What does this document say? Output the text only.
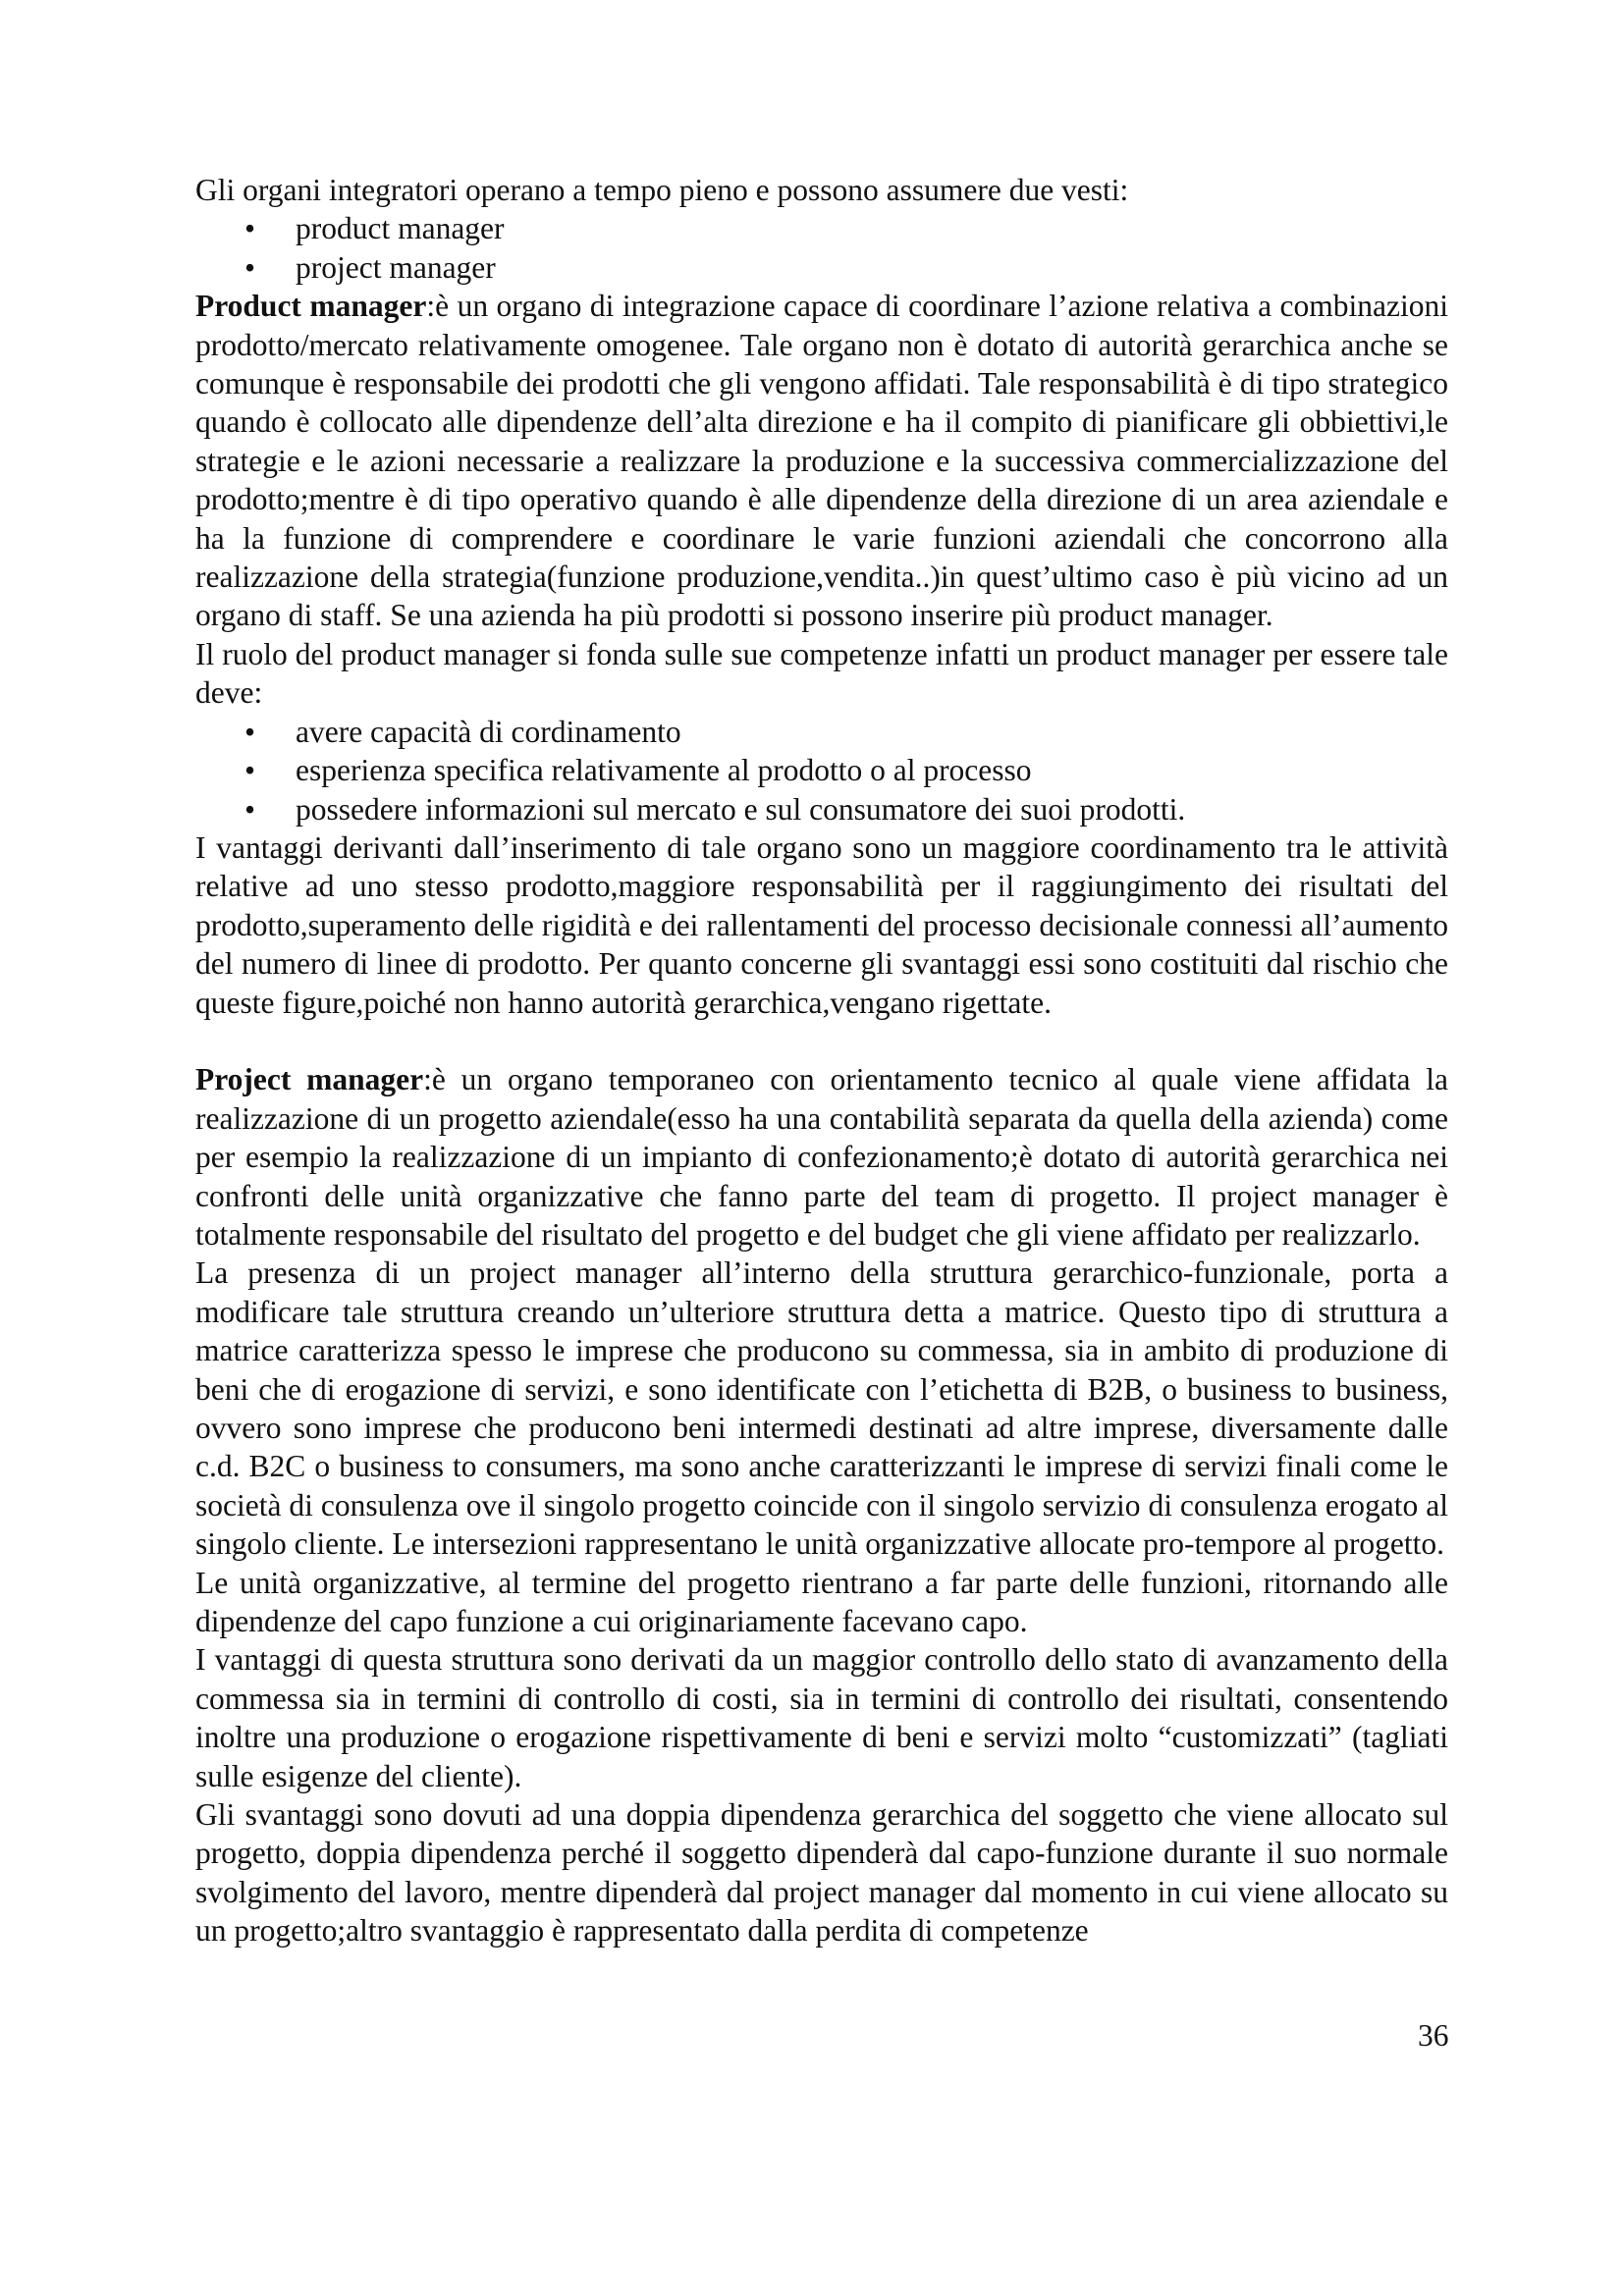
Gli organi integratori operano a tempo pieno e possono assumere due vesti:

• product manager
• project manager

Product manager:è un organo di integrazione capace di coordinare l’azione relativa a combinazioni prodotto/mercato relativamente omogenee. Tale organo non è dotato di autorità gerarchica anche se comunque è responsabile dei prodotti che gli vengono affidati. Tale responsabilità è di tipo strategico quando è collocato alle dipendenze dell’alta direzione e ha il compito di pianificare gli obbiettivi,le strategie e le azioni necessarie a realizzare la produzione e la successiva commercializzazione del prodotto;mentre è di tipo operativo quando è alle dipendenze della direzione di un area aziendale e ha la funzione di comprendere e coordinare le varie funzioni aziendali che concorrono alla realizzazione della strategia(funzione produzione,vendita..)in quest’ultimo caso è più vicino ad un organo di staff. Se una azienda ha più prodotti si possono inserire più product manager.

Il ruolo del product manager si fonda sulle sue competenze infatti un product manager per essere tale deve:

• avere capacità di cordinamento
• esperienza specifica relativamente al prodotto o al processo
• possedere informazioni sul mercato e sul consumatore dei suoi prodotti.

I vantaggi derivanti dall’inserimento di tale organo sono un maggiore coordinamento tra le attività relative ad uno stesso prodotto,maggiore responsabilità per il raggiungimento dei risultati del prodotto,superamento delle rigidità e dei rallentamenti del processo decisionale connessi all’aumento del numero di linee di prodotto. Per quanto concerne gli svantaggi essi sono costituiti dal rischio che queste figure,poiché non hanno autorità gerarchica,vengano rigettate.

Project manager:è un organo temporaneo con orientamento tecnico al quale viene affidata la realizzazione di un progetto aziendale(esso ha una contabilità separata da quella della azienda) come per esempio la realizzazione di un impianto di confezionamento;è dotato di autorità gerarchica nei confronti delle unità organizzative che fanno parte del team di progetto. Il project manager è totalmente responsabile del risultato del progetto e del budget che gli viene affidato per realizzarlo.

La presenza di un project manager all’interno della struttura gerarchico-funzionale, porta a modificare tale struttura creando un’ulteriore struttura detta a matrice. Questo tipo di struttura a matrice caratterizza spesso le imprese che producono su commessa, sia in ambito di produzione di beni che di erogazione di servizi, e sono identificate con l’etichetta di B2B, o business to business, ovvero sono imprese che producono beni intermedi destinati ad altre imprese, diversamente dalle c.d. B2C o business to consumers, ma sono anche caratterizzanti le imprese di servizi finali come le società di consulenza ove il singolo progetto coincide con il singolo servizio di consulenza erogato al singolo cliente. Le intersezioni rappresentano le unità organizzative allocate pro-tempore al progetto.

Le unità organizzative, al termine del progetto rientrano a far parte delle funzioni, ritornando alle dipendenze del capo funzione a cui originariamente facevano capo.

I vantaggi di questa struttura sono derivati da un maggior controllo dello stato di avanzamento della commessa sia in termini di controllo di costi, sia in termini di controllo dei risultati, consentendo inoltre una produzione o erogazione rispettivamente di beni e servizi molto “customizzati” (tagliati sulle esigenze del cliente).

Gli svantaggi sono dovuti ad una doppia dipendenza gerarchica del soggetto che viene allocato sul progetto, doppia dipendenza perché il soggetto dipenderà dal capo-funzione durante il suo normale svolgimento del lavoro, mentre dipenderà dal project manager dal momento in cui viene allocato su un progetto;altro svantaggio è rappresentato dalla perdita di competenze

36
